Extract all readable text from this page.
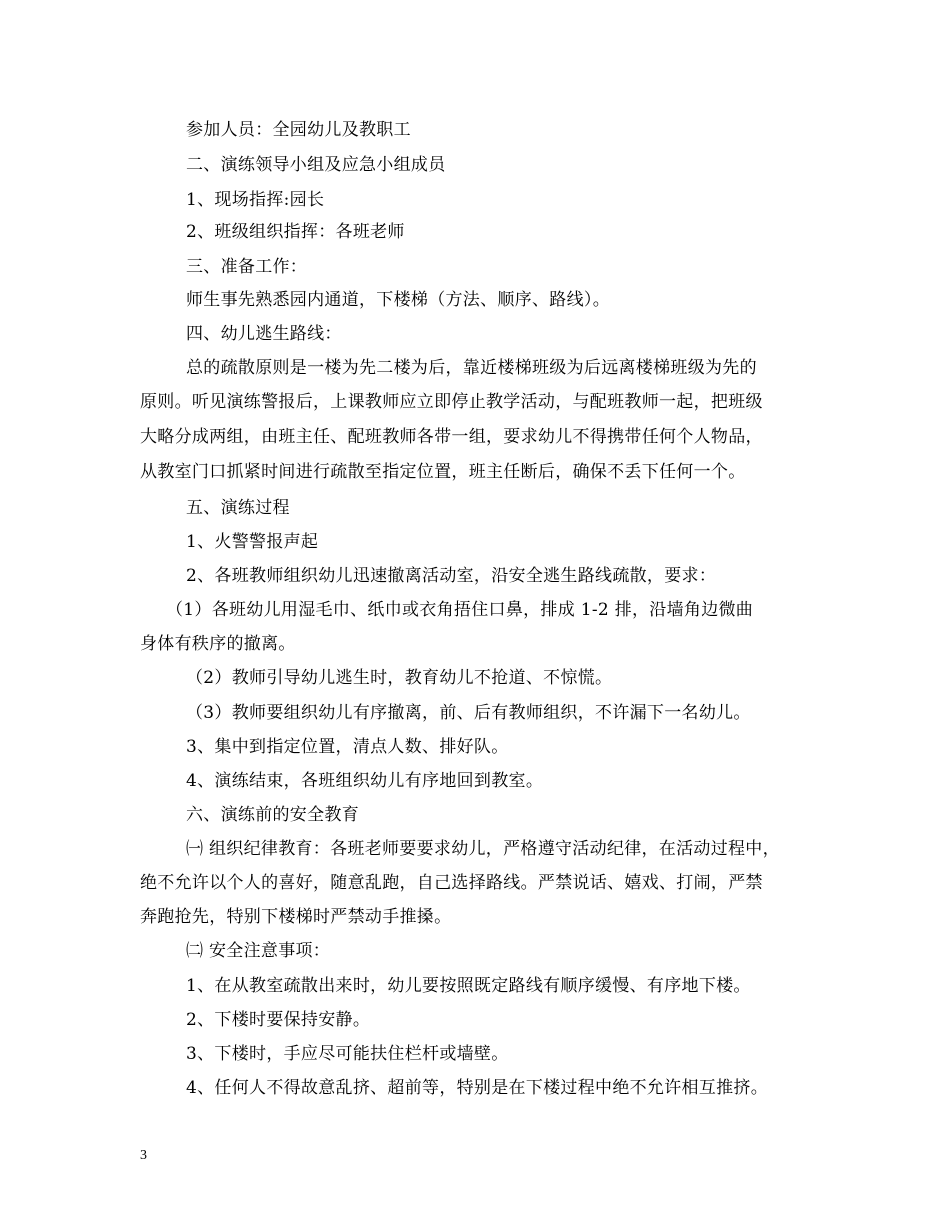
参加人员：全园幼儿及教职工
二、演练领导小组及应急小组成员
1、现场指挥:园长
2、班级组织指挥：各班老师
三、准备工作：
师生事先熟悉园内通道，下楼梯（方法、顺序、路线）。
四、幼儿逃生路线：
总的疏散原则是一楼为先二楼为后，靠近楼梯班级为后远离楼梯班级为先的
原则。听见演练警报后，上课教师应立即停止教学活动，与配班教师一起，把班级
大略分成两组，由班主任、配班教师各带一组，要求幼儿不得携带任何个人物品，
从教室门口抓紧时间进行疏散至指定位置，班主任断后，确保不丢下任何一个。
五、演练过程
1、火警警报声起
2、各班教师组织幼儿迅速撤离活动室，沿安全逃生路线疏散，要求：
（1）各班幼儿用湿毛巾、纸巾或衣角捂住口鼻，排成 1-2 排，沿墙角边微曲
身体有秩序的撤离。
（2）教师引导幼儿逃生时，教育幼儿不抢道、不惊慌。
（3）教师要组织幼儿有序撤离，前、后有教师组织，不许漏下一名幼儿。
3、集中到指定位置，清点人数、排好队。
4、演练结束，各班组织幼儿有序地回到教室。
六、演练前的安全教育
㈠ 组织纪律教育：各班老师要要求幼儿，严格遵守活动纪律，在活动过程中，
绝不允许以个人的喜好，随意乱跑，自己选择路线。严禁说话、嬉戏、打闹，严禁
奔跑抢先，特别下楼梯时严禁动手推搡。
㈡ 安全注意事项：
1、在从教室疏散出来时，幼儿要按照既定路线有顺序缓慢、有序地下楼。
2、下楼时要保持安静。
3、下楼时，手应尽可能扶住栏杆或墙壁。
4、任何人不得故意乱挤、超前等，特别是在下楼过程中绝不允许相互推挤。
3
